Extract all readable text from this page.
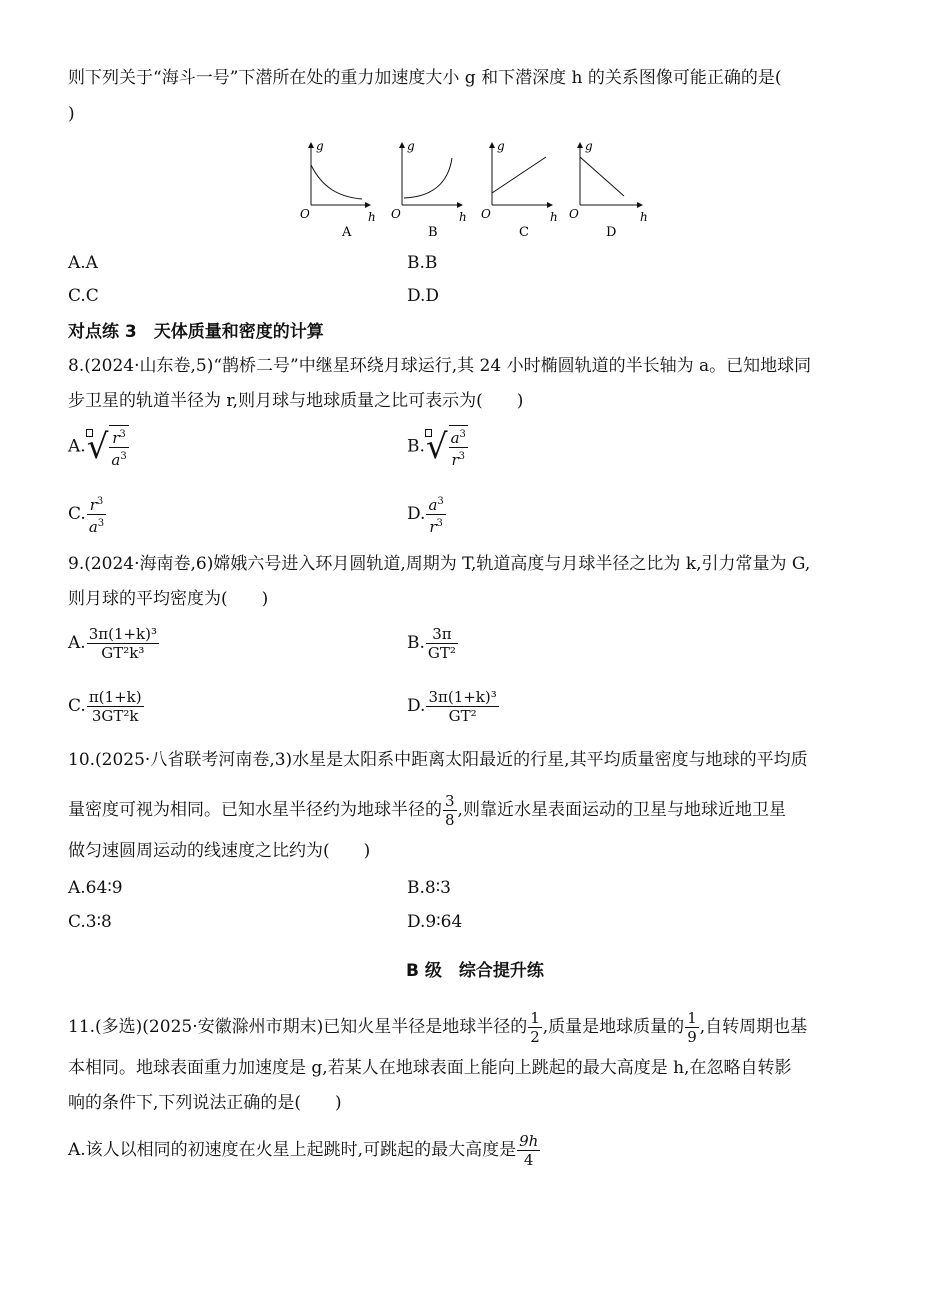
则下列关于“海斗一号”下潜所在处的重力加速度大小 g 和下潜深度 h 的关系图像可能正确的是(
)
g
O	h
A
g
O	h
B
g
O	h
C
g
O	h
D
A.A	B.B
C.C	D.D
对点练 3　天体质量和密度的计算
8.(2024·山东卷,5)“鹊桥二号”中继星环绕月球运行,其 24 小时椭圆轨道的半长轴为 a。已知地球同
步卫星的轨道半径为 r,则月球与地球质量之比可表示为(　　)
$A.√ \frac{r^3}{a^3}$	$B.√ \frac{a^3}{r^3}$
C. $\frac{r^3}{a^3}$	D. $\frac{a^3}{r^3}$
9.(2024·海南卷,6)嫦娥六号进入环月圆轨道,周期为 T,轨道高度与月球半径之比为 k,引力常量为 G,
则月球的平均密度为(　　)
A. $\frac{\text{3π(1+k)³}}{\text{GT²k³}}$	B. $\frac{3\pi}{\text{GT²}}$
C. $\frac{\pi(1+k)}{\text{3GT²k}}$	D. $\frac{\text{3π(1+k)³}}{\text{GT²}}$
10.(2025·八省联考河南卷,3)水星是太阳系中距离太阳最近的行星,其平均质量密度与地球的平均质
量密度可视为相同。已知水星半径约为地球半径的 $\frac{3}{8}$ ,则靠近水星表面运动的卫星与地球近地卫星
做匀速圆周运动的线速度之比约为(　　)
A.64∶9	B.8∶3
C.3∶8	D.9∶64
B 级　综合提升练
11.(多选)(2025·安徽滁州市期末)已知火星半径是地球半径的 $\frac{1}{2}$ ,质量是地球质量的 $\frac{1}{9}$ ,自转周期也基
本相同。地球表面重力加速度是 g,若某人在地球表面上能向上跳起的最大高度是 h,在忽略自转影
响的条件下,下列说法正确的是(　　)
A.该人以相同的初速度在火星上起跳时,可跳起的最大高度是 $\frac{9h}{4}$
